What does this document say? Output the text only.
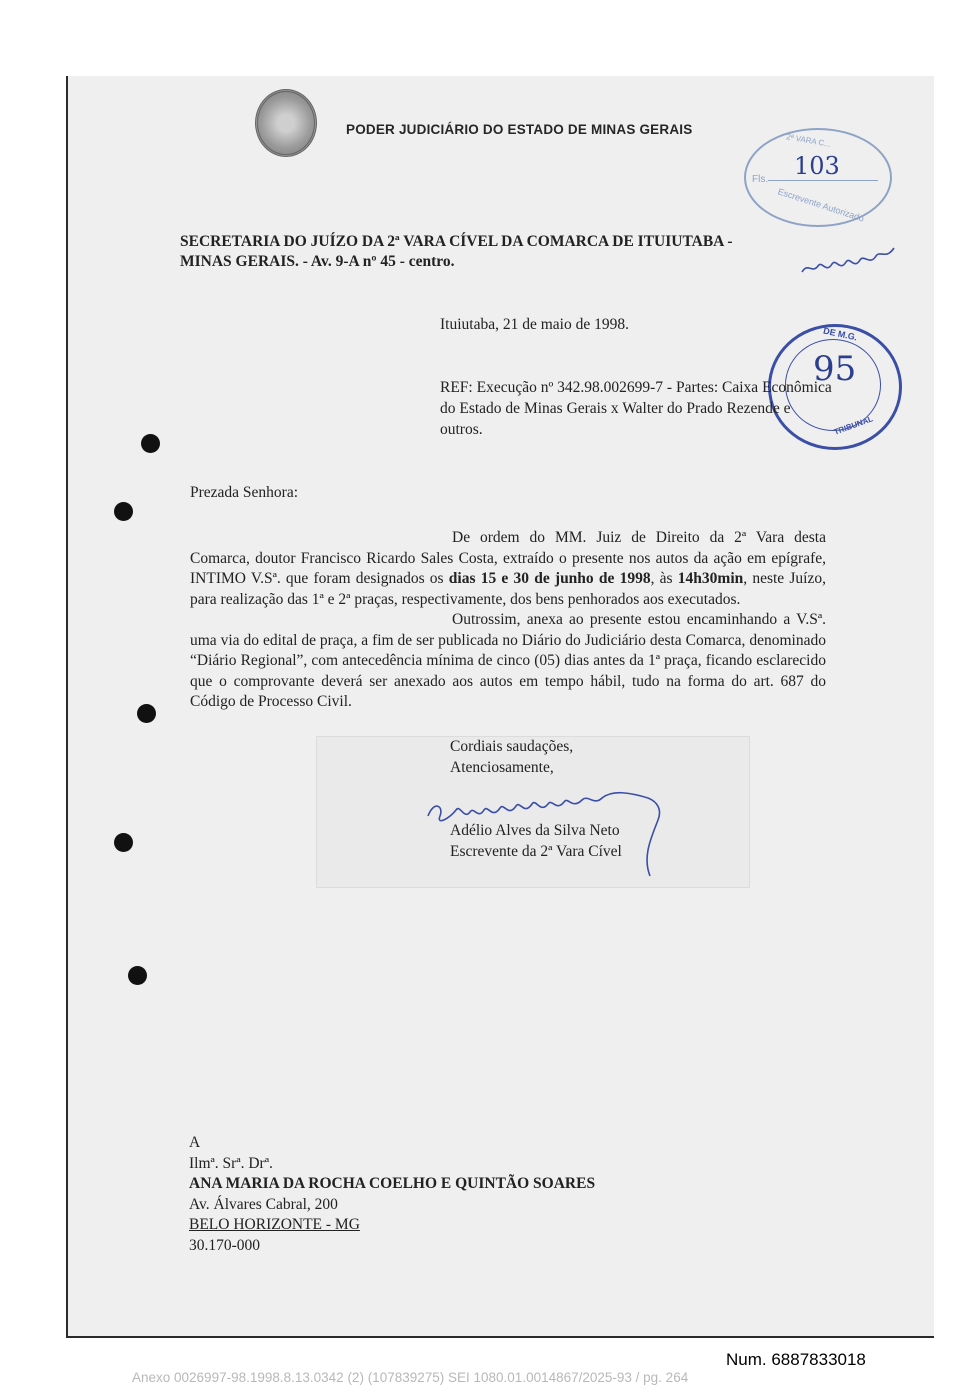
PODER JUDICIÁRIO DO ESTADO DE MINAS GERAIS
2ª VARA C...
Fls. 103
Escrevente Autorizado
SECRETARIA DO JUÍZO DA 2ª VARA CÍVEL DA COMARCA DE ITUIUTABA -
MINAS GERAIS. - Av. 9-A nº 45 - centro.
Ituiutaba, 21 de maio de 1998.
DE M.G.
95
TRIBUNAL
REF: Execução nº 342.98.002699-7 - Partes: Caixa Econômica do Estado de Minas Gerais x Walter do Prado Rezende e outros.
Prezada Senhora:

De ordem do MM. Juiz de Direito da 2ª Vara desta Comarca, doutor Francisco Ricardo Sales Costa, extraído o presente nos autos da ação em epígrafe, INTIMO V.Sª. que foram designados os dias 15 e 30 de junho de 1998, às 14h30min, neste Juízo, para realização das 1ª e 2ª praças, respectivamente, dos bens penhorados aos executados.

Outrossim, anexa ao presente estou encaminhando a V.Sª. uma via do edital de praça, a fim de ser publicada no Diário do Judiciário desta Comarca, denominado “Diário Regional”, com antecedência mínima de cinco (05) dias antes da 1ª praça, ficando esclarecido que o comprovante deverá ser anexado aos autos em tempo hábil, tudo na forma do art. 687 do Código de Processo Civil.

Cordiais saudações,
Atenciosamente,
Adélio Alves da Silva Neto
Escrevente da 2ª Vara Cível
A
Ilmª. Srª. Drª.
ANA MARIA DA ROCHA COELHO E QUINTÃO SOARES
Av. Álvares Cabral, 200
BELO HORIZONTE - MG
30.170-000
Num. 6887833018
Anexo 0026997-98.1998.8.13.0342 (2) (107839275) SEI 1080.01.0014867/2025-93 / pg. 264
